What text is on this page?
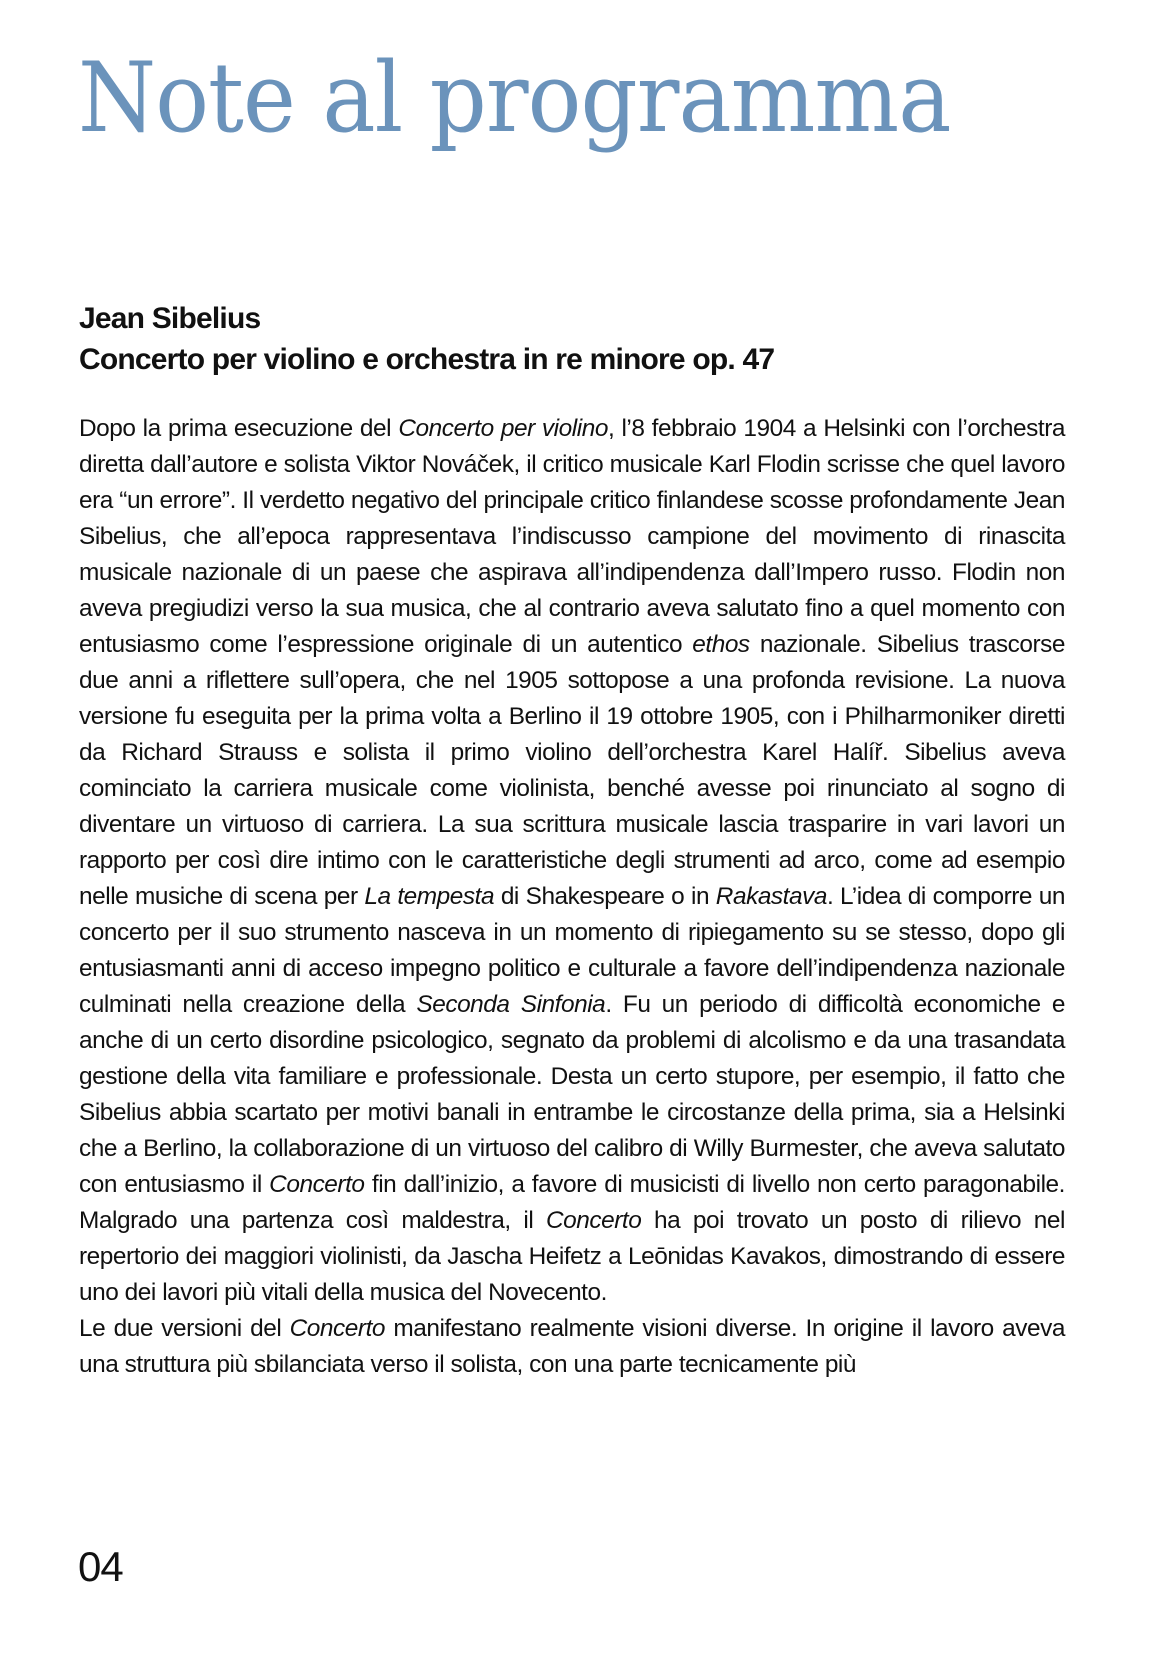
Note al programma
Jean Sibelius
Concerto per violino e orchestra in re minore op. 47

Dopo la prima esecuzione del Concerto per violino, l’8 febbraio 1904 a Helsinki con l’orchestra diretta dall’autore e solista Viktor Nováček, il critico musicale Karl Flodin scrisse che quel lavoro era “un errore”. Il verdetto negativo del principale critico finlandese scosse profondamente Jean Sibelius, che all’epoca rappresentava l’indiscusso campione del movimento di rinascita musicale nazionale di un paese che aspirava all’indipendenza dall’Impero russo. Flodin non aveva pregiudizi verso la sua musica, che al contrario aveva salutato fino a quel momento con entusiasmo come l’espressione originale di un autentico ethos nazionale. Sibelius trascorse due anni a riflettere sull’opera, che nel 1905 sottopose a una profonda revisione. La nuova versione fu eseguita per la prima volta a Berlino il 19 ottobre 1905, con i Philharmoniker diretti da Richard Strauss e solista il primo violino dell’orchestra Karel Halíř. Sibelius aveva cominciato la carriera musicale come violinista, benché avesse poi rinunciato al sogno di diventare un virtuoso di carriera. La sua scrittura musicale lascia trasparire in vari lavori un rapporto per così dire intimo con le caratteristiche degli strumenti ad arco, come ad esempio nelle musiche di scena per La tempesta di Shakespeare o in Rakastava. L’idea di comporre un concerto per il suo strumento nasceva in un momento di ripiegamento su se stesso, dopo gli entusiasmanti anni di acceso impegno politico e culturale a favore dell’indipendenza nazionale culminati nella creazione della Seconda Sinfonia. Fu un periodo di difficoltà economiche e anche di un certo disordine psicologico, segnato da problemi di alcolismo e da una trasandata gestione della vita familiare e professionale. Desta un certo stupore, per esempio, il fatto che Sibelius abbia scartato per motivi banali in entrambe le circostanze della prima, sia a Helsinki che a Berlino, la collaborazione di un virtuoso del calibro di Willy Burmester, che aveva salutato con entusiasmo il Concerto fin dall’inizio, a favore di musicisti di livello non certo paragonabile. Malgrado una partenza così maldestra, il Concerto ha poi trovato un posto di rilievo nel repertorio dei maggiori violinisti, da Jascha Heifetz a Leōnidas Kavakos, dimostrando di essere uno dei lavori più vitali della musica del Novecento.

Le due versioni del Concerto manifestano realmente visioni diverse. In origine il lavoro aveva una struttura più sbilanciata verso il solista, con una parte tecnicamente più

04
